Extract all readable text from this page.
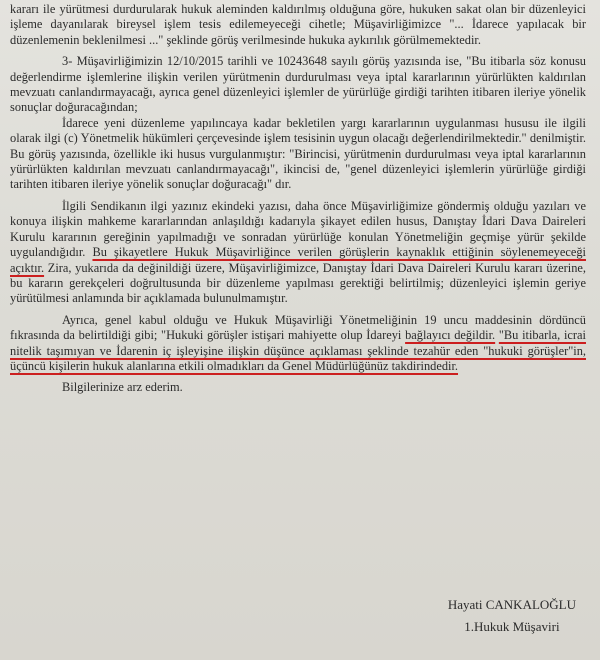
kararı ile yürütmesi durdurularak hukuk aleminden kaldırılmış olduğuna göre, hukuken sakat olan bir düzenleyici işleme dayanılarak bireysel işlem tesis edilemeyeceği cihetle; Müşavirliğimizce "... İdarece yapılacak bir düzenlemenin beklenilmesi ..." şeklinde görüş verilmesinde hukuka aykırılık görülmemektedir.

3- Müşavirliğimizin 12/10/2015 tarihli ve 10243648 sayılı görüş yazısında ise, "Bu itibarla söz konusu değerlendirme işlemlerine ilişkin verilen yürütmenin durdurulması veya iptal kararlarının yürürlükten kaldırılan mevzuatı canlandırmayacağı, ayrıca genel düzenleyici işlemler de yürürlüğe girdiği tarihten itibaren ileriye yönelik sonuçlar doğuracağından;

İdarece yeni düzenleme yapılıncaya kadar bekletilen yargı kararlarının uygulanması hususu ile ilgili olarak ilgi (c) Yönetmelik hükümleri çerçevesinde işlem tesisinin uygun olacağı değerlendirilmektedir." denilmiştir. Bu görüş yazısında, özellikle iki husus vurgulanmıştır: "Birincisi, yürütmenin durdurulması veya iptal kararlarının yürürlükten kaldırılan mevzuatı canlandırmayacağı", ikincisi de, "genel düzenleyici işlemlerin yürürlüğe girdiği tarihten itibaren ileriye yönelik sonuçlar doğuracağı" dır.

İlgili Sendikanın ilgi yazınız ekindeki yazısı, daha önce Müşavirliğimize göndermiş olduğu yazıları ve konuya ilişkin mahkeme kararlarından anlaşıldığı kadarıyla şikayet edilen husus, Danıştay İdari Dava Daireleri Kurulu kararının gereğinin yapılmadığı ve sonradan yürürlüğe konulan Yönetmeliğin geçmişe yürür şekilde uygulandığıdır. Bu şikayetlere Hukuk Müşavirliğince verilen görüşlerin kaynaklık ettiğinin söylenemeyeceği açıktır. Zira, yukarıda da değinildiği üzere, Müşavirliğimizce, Danıştay İdari Dava Daireleri Kurulu kararı üzerine, bu kararın gerekçeleri doğrultusunda bir düzenleme yapılması gerektiği belirtilmiş; düzenleyici işlemin geriye yürütülmesi anlamında bir açıklamada bulunulmamıştır.

Ayrıca, genel kabul olduğu ve Hukuk Müşavirliği Yönetmeliğinin 19 uncu maddesinin dördüncü fıkrasında da belirtildiği gibi; "Hukuki görüşler istişari mahiyette olup İdareyi bağlayıcı değildir. "Bu itibarla, icrai nitelik taşımıyan ve İdarenin iç işleyişine ilişkin düşünce açıklaması şeklinde tezahür eden "hukuki görüşler"in, üçüncü kişilerin hukuk alanlarına etkili olmadıkları da Genel Müdürlüğünüz takdirindedir.

Bilgilerinize arz ederim.

Hayati CANKALOĞLU
1.Hukuk Müşaviri
